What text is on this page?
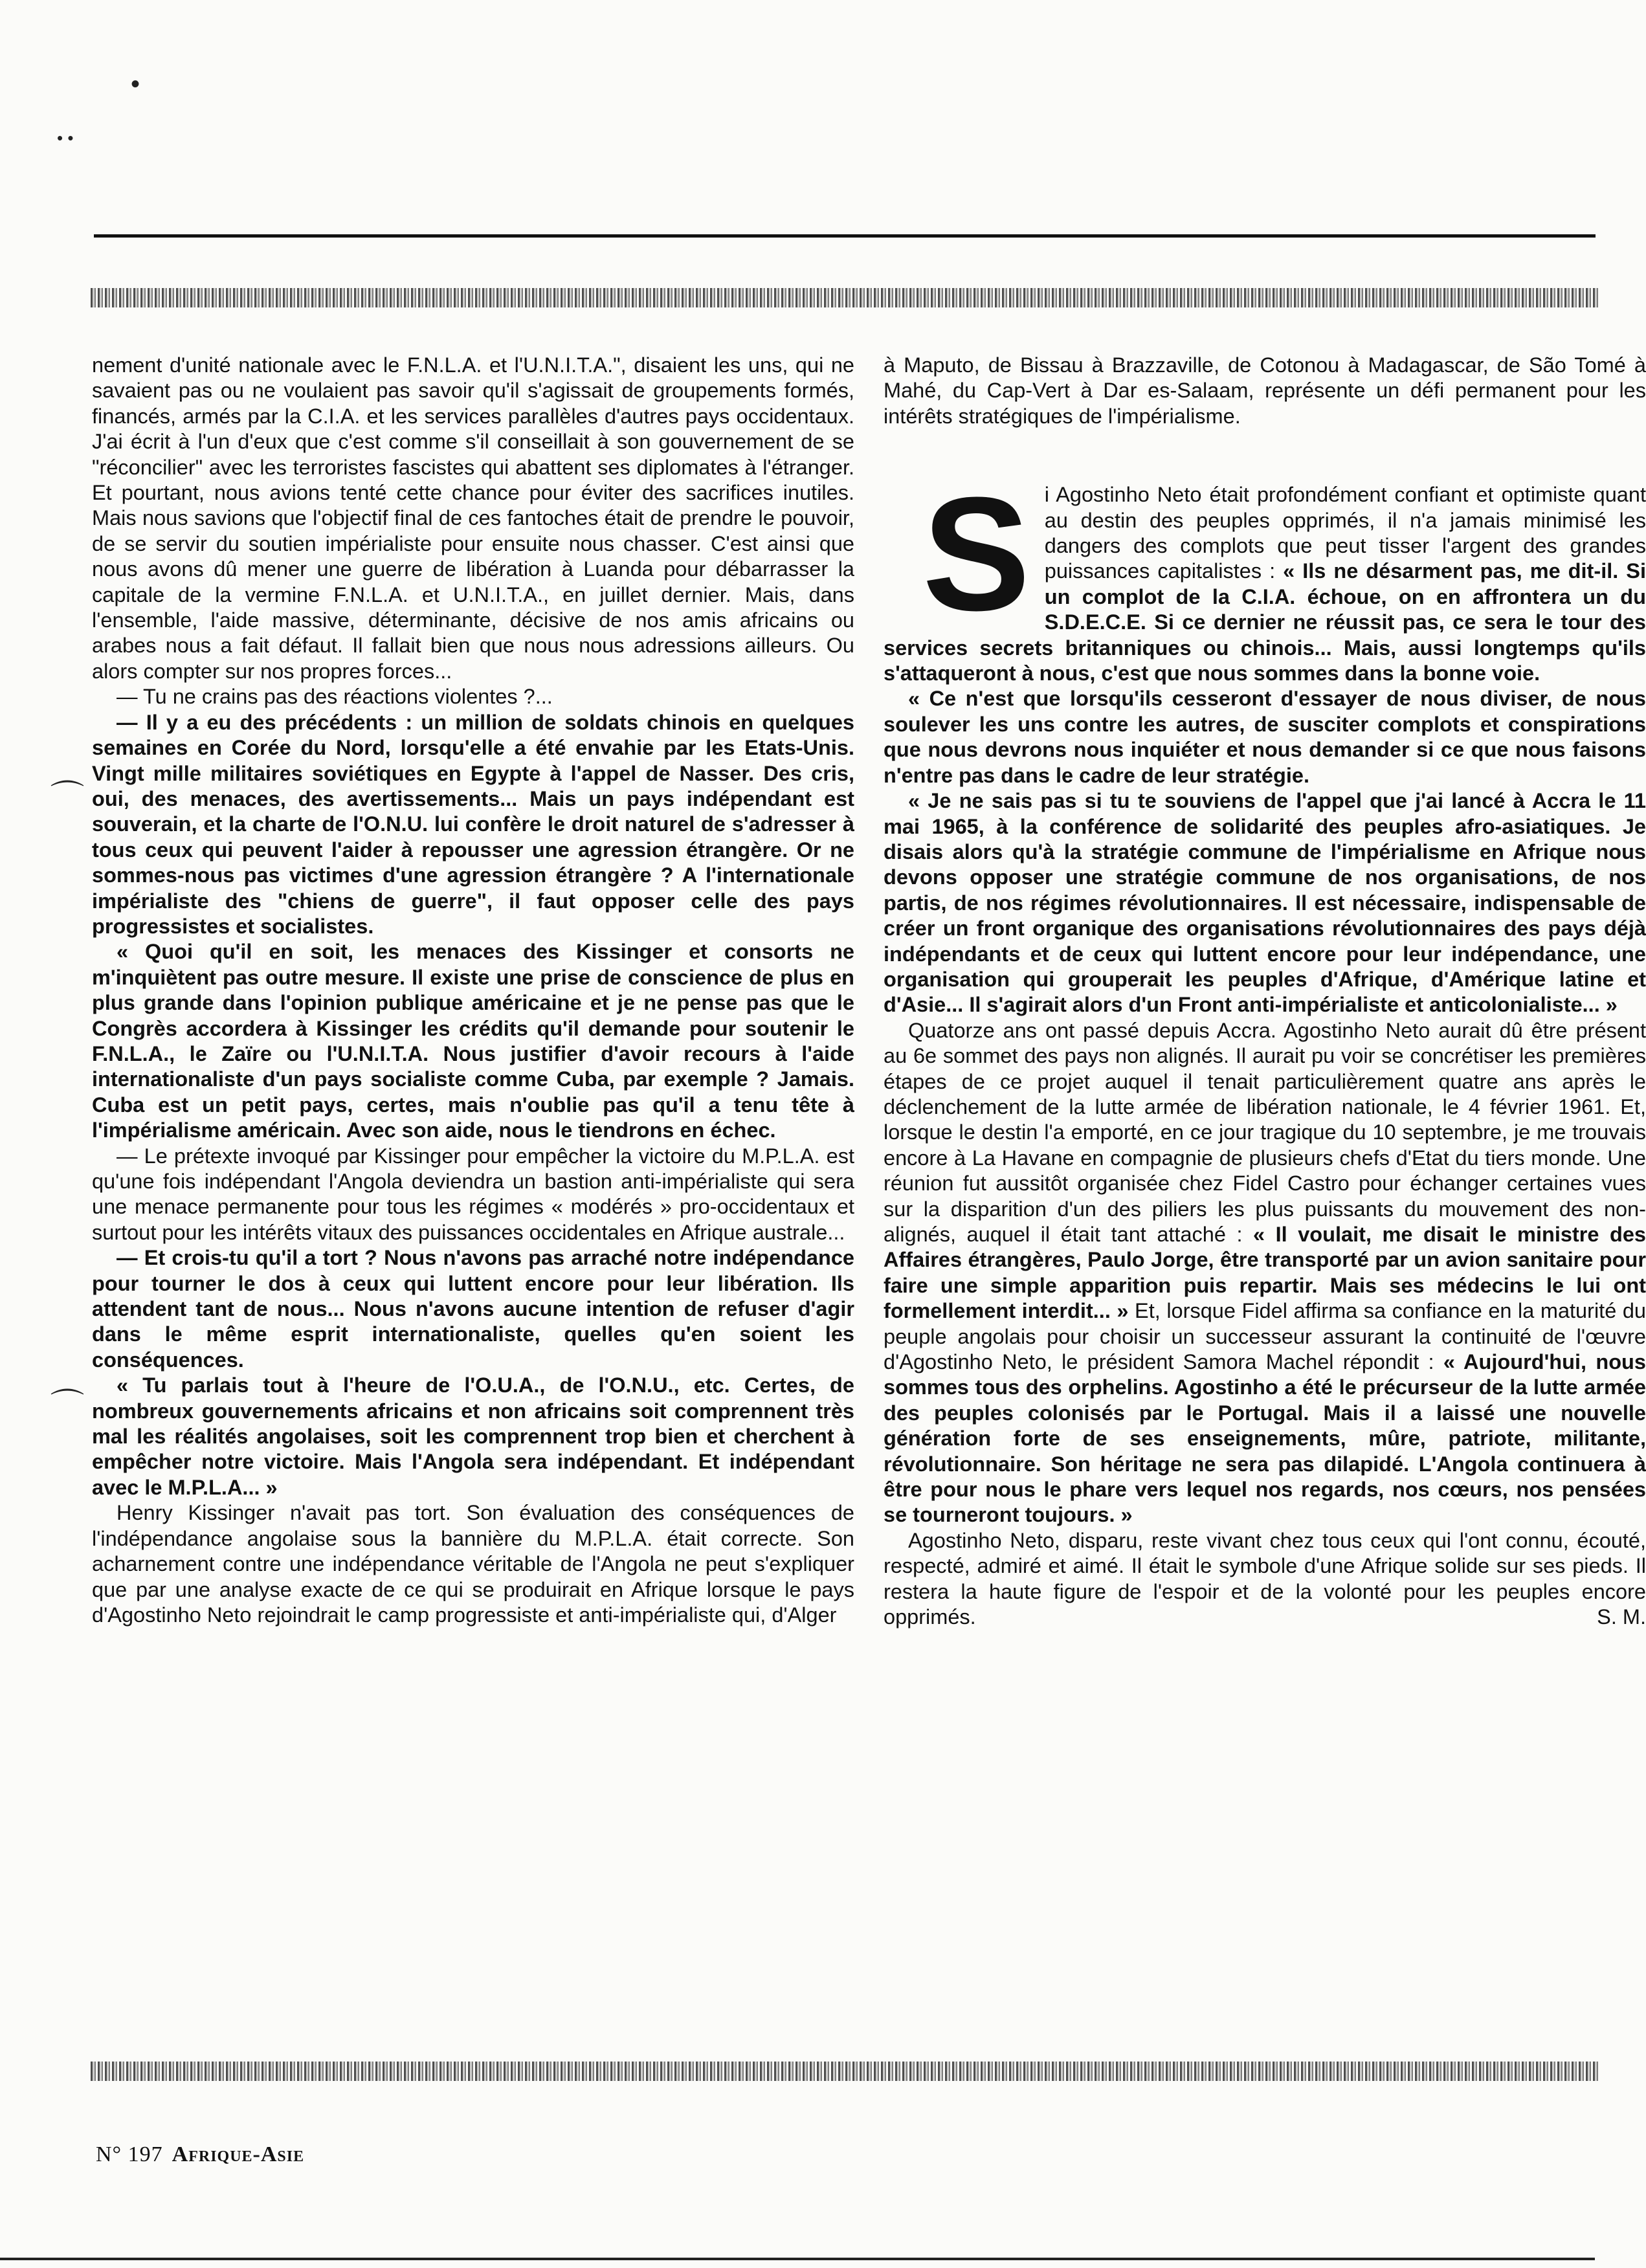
•
• •
⌒
⌒

nement d'unité nationale avec le F.N.L.A. et l'U.N.I.T.A.", disaient les uns, qui ne savaient pas ou ne voulaient pas savoir qu'il s'agissait de groupements formés, financés, armés par la C.I.A. et les services parallèles d'autres pays occidentaux. J'ai écrit à l'un d'eux que c'est comme s'il conseillait à son gouvernement de se "réconcilier" avec les terroristes fascistes qui abattent ses diplomates à l'étranger. Et pourtant, nous avions tenté cette chance pour éviter des sacrifices inutiles. Mais nous savions que l'objectif final de ces fantoches était de prendre le pouvoir, de se servir du soutien impérialiste pour ensuite nous chasser. C'est ainsi que nous avons dû mener une guerre de libération à Luanda pour débarrasser la capitale de la vermine F.N.L.A. et U.N.I.T.A., en juillet dernier. Mais, dans l'ensemble, l'aide massive, déterminante, décisive de nos amis africains ou arabes nous a fait défaut. Il fallait bien que nous nous adressions ailleurs. Ou alors compter sur nos propres forces...

— Tu ne crains pas des réactions violentes ?...

— Il y a eu des précédents : un million de soldats chinois en quelques semaines en Corée du Nord, lorsqu'elle a été envahie par les Etats-Unis. Vingt mille militaires soviétiques en Egypte à l'appel de Nasser. Des cris, oui, des menaces, des avertissements... Mais un pays indépendant est souverain, et la charte de l'O.N.U. lui confère le droit naturel de s'adresser à tous ceux qui peuvent l'aider à repousser une agression étrangère. Or ne sommes-nous pas victimes d'une agression étrangère ? A l'internationale impérialiste des "chiens de guerre", il faut opposer celle des pays progressistes et socialistes.

« Quoi qu'il en soit, les menaces des Kissinger et consorts ne m'inquiètent pas outre mesure. Il existe une prise de conscience de plus en plus grande dans l'opinion publique américaine et je ne pense pas que le Congrès accordera à Kissinger les crédits qu'il demande pour soutenir le F.N.L.A., le Zaïre ou l'U.N.I.T.A. Nous justifier d'avoir recours à l'aide internationaliste d'un pays socialiste comme Cuba, par exemple ? Jamais. Cuba est un petit pays, certes, mais n'oublie pas qu'il a tenu tête à l'impérialisme américain. Avec son aide, nous le tiendrons en échec.

— Le prétexte invoqué par Kissinger pour empêcher la victoire du M.P.L.A. est qu'une fois indépendant l'Angola deviendra un bastion anti-impérialiste qui sera une menace permanente pour tous les régimes « modérés » pro-occidentaux et surtout pour les intérêts vitaux des puissances occidentales en Afrique australe...

— Et crois-tu qu'il a tort ? Nous n'avons pas arraché notre indépendance pour tourner le dos à ceux qui luttent encore pour leur libération. Ils attendent tant de nous... Nous n'avons aucune intention de refuser d'agir dans le même esprit internationaliste, quelles qu'en soient les conséquences.

« Tu parlais tout à l'heure de l'O.U.A., de l'O.N.U., etc. Certes, de nombreux gouvernements africains et non africains soit comprennent très mal les réalités angolaises, soit les comprennent trop bien et cherchent à empêcher notre victoire. Mais l'Angola sera indépendant. Et indépendant avec le M.P.L.A... »

Henry Kissinger n'avait pas tort. Son évaluation des conséquences de l'indépendance angolaise sous la bannière du M.P.L.A. était correcte. Son acharnement contre une indépendance véritable de l'Angola ne peut s'expliquer que par une analyse exacte de ce qui se produirait en Afrique lorsque le pays d'Agostinho Neto rejoindrait le camp progressiste et anti-impérialiste qui, d'Alger

à Maputo, de Bissau à Brazzaville, de Cotonou à Madagascar, de São Tomé à Mahé, du Cap-Vert à Dar es-Salaam, représente un défi permanent pour les intérêts stratégiques de l'impérialisme.

Si Agostinho Neto était profondément confiant et optimiste quant au destin des peuples opprimés, il n'a jamais minimisé les dangers des complots que peut tisser l'argent des grandes puissances capitalistes : « Ils ne désarment pas, me dit-il. Si un complot de la C.I.A. échoue, on en affrontera un du S.D.E.C.E. Si ce dernier ne réussit pas, ce sera le tour des services secrets britanniques ou chinois... Mais, aussi longtemps qu'ils s'attaqueront à nous, c'est que nous sommes dans la bonne voie.

« Ce n'est que lorsqu'ils cesseront d'essayer de nous diviser, de nous soulever les uns contre les autres, de susciter complots et conspirations que nous devrons nous inquiéter et nous demander si ce que nous faisons n'entre pas dans le cadre de leur stratégie.

« Je ne sais pas si tu te souviens de l'appel que j'ai lancé à Accra le 11 mai 1965, à la conférence de solidarité des peuples afro-asiatiques. Je disais alors qu'à la stratégie commune de l'impérialisme en Afrique nous devons opposer une stratégie commune de nos organisations, de nos partis, de nos régimes révolutionnaires. Il est nécessaire, indispensable de créer un front organique des organisations révolutionnaires des pays déjà indépendants et de ceux qui luttent encore pour leur indépendance, une organisation qui grouperait les peuples d'Afrique, d'Amérique latine et d'Asie... Il s'agirait alors d'un Front anti-impérialiste et anticolonialiste... »

Quatorze ans ont passé depuis Accra. Agostinho Neto aurait dû être présent au 6e sommet des pays non alignés. Il aurait pu voir se concrétiser les premières étapes de ce projet auquel il tenait particulièrement quatre ans après le déclenchement de la lutte armée de libération nationale, le 4 février 1961. Et, lorsque le destin l'a emporté, en ce jour tragique du 10 septembre, je me trouvais encore à La Havane en compagnie de plusieurs chefs d'Etat du tiers monde. Une réunion fut aussitôt organisée chez Fidel Castro pour échanger certaines vues sur la disparition d'un des piliers les plus puissants du mouvement des non-alignés, auquel il était tant attaché : « Il voulait, me disait le ministre des Affaires étrangères, Paulo Jorge, être transporté par un avion sanitaire pour faire une simple apparition puis repartir. Mais ses médecins le lui ont formellement interdit... » Et, lorsque Fidel affirma sa confiance en la maturité du peuple angolais pour choisir un successeur assurant la continuité de l'œuvre d'Agostinho Neto, le président Samora Machel répondit : « Aujourd'hui, nous sommes tous des orphelins. Agostinho a été le précurseur de la lutte armée des peuples colonisés par le Portugal. Mais il a laissé une nouvelle génération forte de ses enseignements, mûre, patriote, militante, révolutionnaire. Son héritage ne sera pas dilapidé. L'Angola continuera à être pour nous le phare vers lequel nos regards, nos cœurs, nos pensées se tourneront toujours. »

Agostinho Neto, disparu, reste vivant chez tous ceux qui l'ont connu, écouté, respecté, admiré et aimé. Il était le symbole d'une Afrique solide sur ses pieds. Il restera la haute figure de l'espoir et de la volonté pour les peuples encore opprimés.	S. M.

N° 197 Afrique-Asie
